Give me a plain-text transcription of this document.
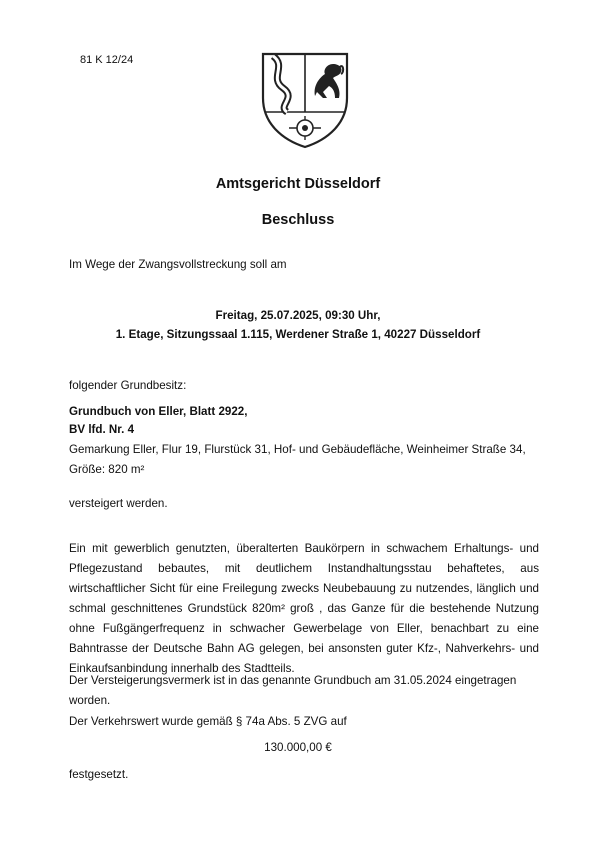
81 K 12/24
Amtsgericht Düsseldorf
Beschluss
Im Wege der Zwangsvollstreckung soll am
Freitag, 25.07.2025, 09:30 Uhr,
1. Etage, Sitzungssaal 1.115, Werdener Straße 1, 40227 Düsseldorf
folgender Grundbesitz:
Grundbuch von Eller, Blatt 2922,
BV lfd. Nr. 4
Gemarkung Eller, Flur 19, Flurstück 31, Hof- und Gebäudefläche, Weinheimer Straße 34, Größe: 820 m²
versteigert werden.
Ein mit gewerblich genutzten, überalterten Baukörpern in schwachem Erhaltungs- und Pflegezustand bebautes, mit deutlichem Instandhaltungsstau behaftetes, aus wirtschaftlicher Sicht für eine Freilegung zwecks Neubebauung zu nutzendes, länglich und schmal geschnittenes Grundstück 820m² groß , das Ganze für die bestehende Nutzung ohne Fußgängerfrequenz in schwacher Gewerbelage von Eller, benachbart zu eine Bahntrasse der Deutsche Bahn AG gelegen, bei ansonsten guter Kfz-, Nahverkehrs- und Einkaufsanbindung innerhalb des Stadtteils.
Der Versteigerungsvermerk ist in das genannte Grundbuch am 31.05.2024 eingetragen worden.
Der Verkehrswert wurde gemäß § 74a Abs. 5 ZVG auf
130.000,00 €
festgesetzt.
